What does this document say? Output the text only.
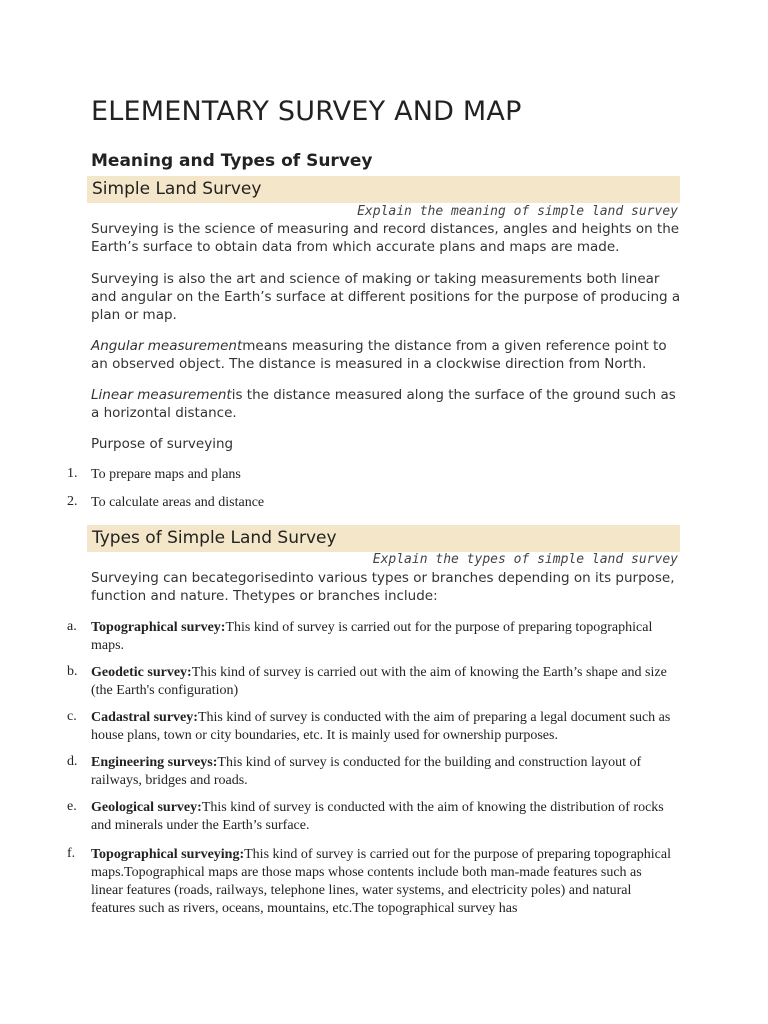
ELEMENTARY SURVEY AND MAP
Meaning and Types of Survey
Simple Land Survey
Explain the meaning of simple land survey

Surveying is the science of measuring and record distances, angles and heights on the Earth’s surface to obtain data from which accurate plans and maps are made.

Surveying is also the art and science of making or taking measurements both linear and angular on the Earth’s surface at different positions for the purpose of producing a plan or map.

Angular measurementmeans measuring the distance from a given reference point to an observed object. The distance is measured in a clockwise direction from North.

Linear measurementis the distance measured along the surface of the ground such as a horizontal distance.

Purpose of surveying

1. To prepare maps and plans
2. To calculate areas and distance
Types of Simple Land Survey
Explain the types of simple land survey

Surveying can becategorisedinto various types or branches depending on its purpose, function and nature. Thetypes or branches include:

a. Topographical survey:This kind of survey is carried out for the purpose of preparing topographical maps.
b. Geodetic survey:This kind of survey is carried out with the aim of knowing the Earth’s shape and size (the Earth's configuration)
c. Cadastral survey:This kind of survey is conducted with the aim of preparing a legal document such as house plans, town or city boundaries, etc. It is mainly used for ownership purposes.
d. Engineering surveys:This kind of survey is conducted for the building and construction layout of railways, bridges and roads.
e. Geological survey:This kind of survey is conducted with the aim of knowing the distribution of rocks and minerals under the Earth’s surface.
f. Topographical surveying:This kind of survey is carried out for the purpose of preparing topographical maps.Topographical maps are those maps whose contents include both man-made features such as linear features (roads, railways, telephone lines, water systems, and electricity poles) and natural features such as rivers, oceans, mountains, etc.The topographical survey has
